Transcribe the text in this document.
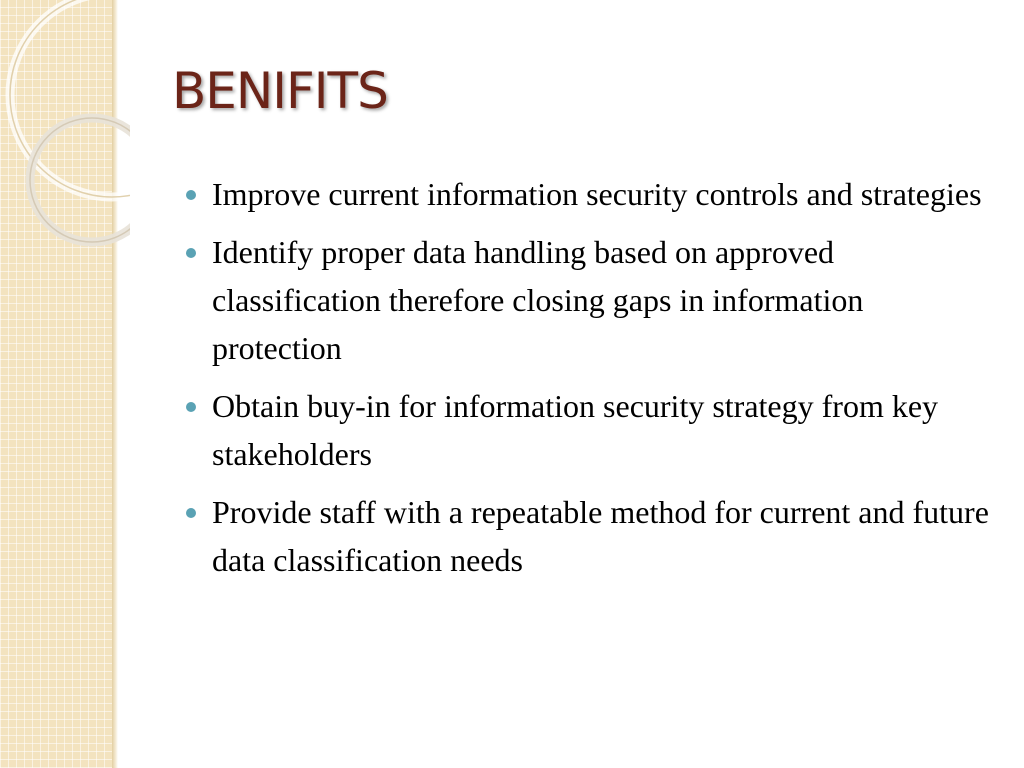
BENIFITS
Improve current information security controls and strategies
Identify proper data handling based on approved classification therefore closing gaps in information protection
Obtain buy-in for information security strategy from key stakeholders
Provide staff with a repeatable method for current and future data classification needs
